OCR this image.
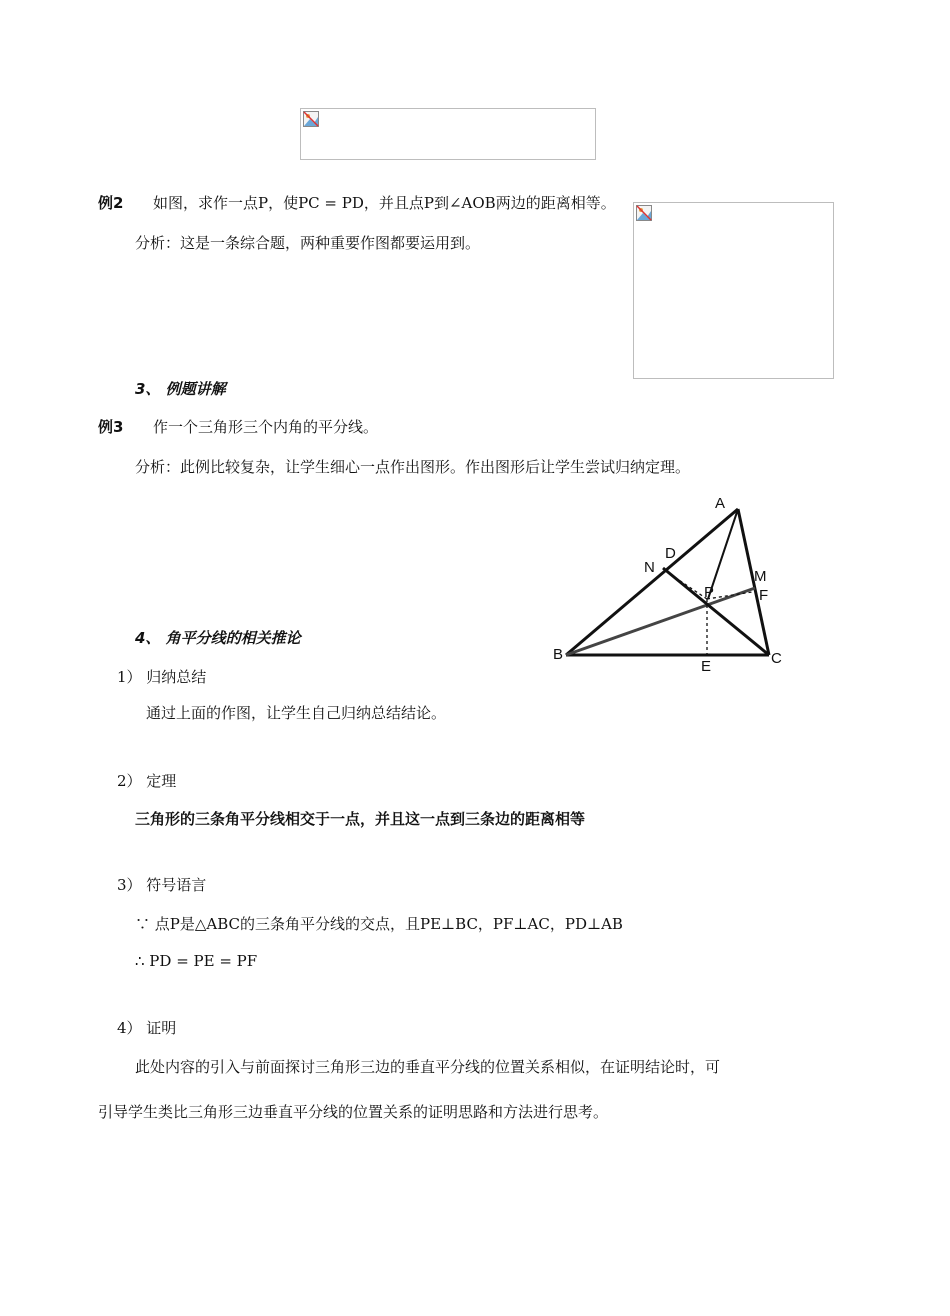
例2 如图，求作一点P，使PC = PD，并且点P到∠AOB两边的距离相等。
分析：这是一条综合题，两种重要作图都要运用到。
3、 例题讲解
例3 作一个三角形三个内角的平分线。
分析：此例比较复杂，让学生细心一点作出图形。作出图形后让学生尝试归纳定理。
A
B	C
D
N
M
F
P
E
4、 角平分线的相关推论
1） 归纳总结
通过上面的作图，让学生自己归纳总结结论。
2） 定理
三角形的三条角平分线相交于一点，并且这一点到三条边的距离相等
3） 符号语言
∵ 点P是△ABC的三条角平分线的交点，且PE⊥BC，PF⊥AC，PD⊥AB
∴ PD = PE = PF
4） 证明
此处内容的引入与前面探讨三角形三边的垂直平分线的位置关系相似，在证明结论时，可
引导学生类比三角形三边垂直平分线的位置关系的证明思路和方法进行思考。
